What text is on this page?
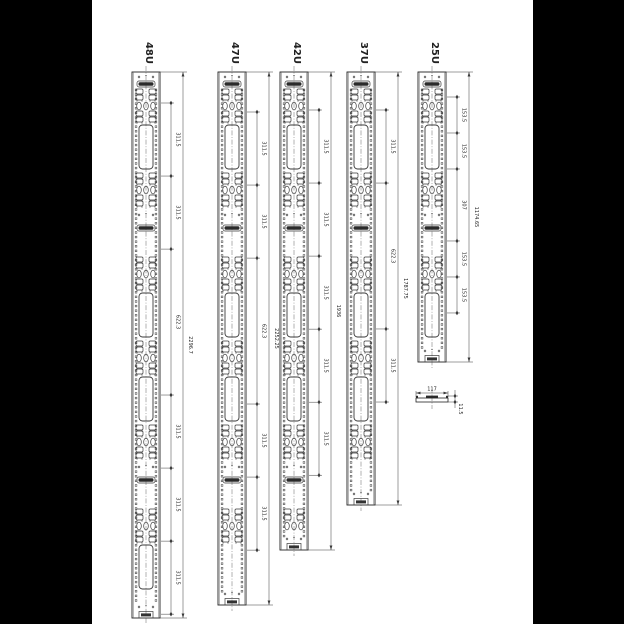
48U
311.5
311.5
622.3
311.5
311.5
311.5
2296.7
47U
311.5
311.5
622.3
311.5
311.5
2252.25
42U
311.5
311.5
311.5
311.5
311.5
1936
37U
311.5
622.3
311.5
1787.75
25U
153.5
153.5
307
153.5
153.5
1174.65
117
11.5
